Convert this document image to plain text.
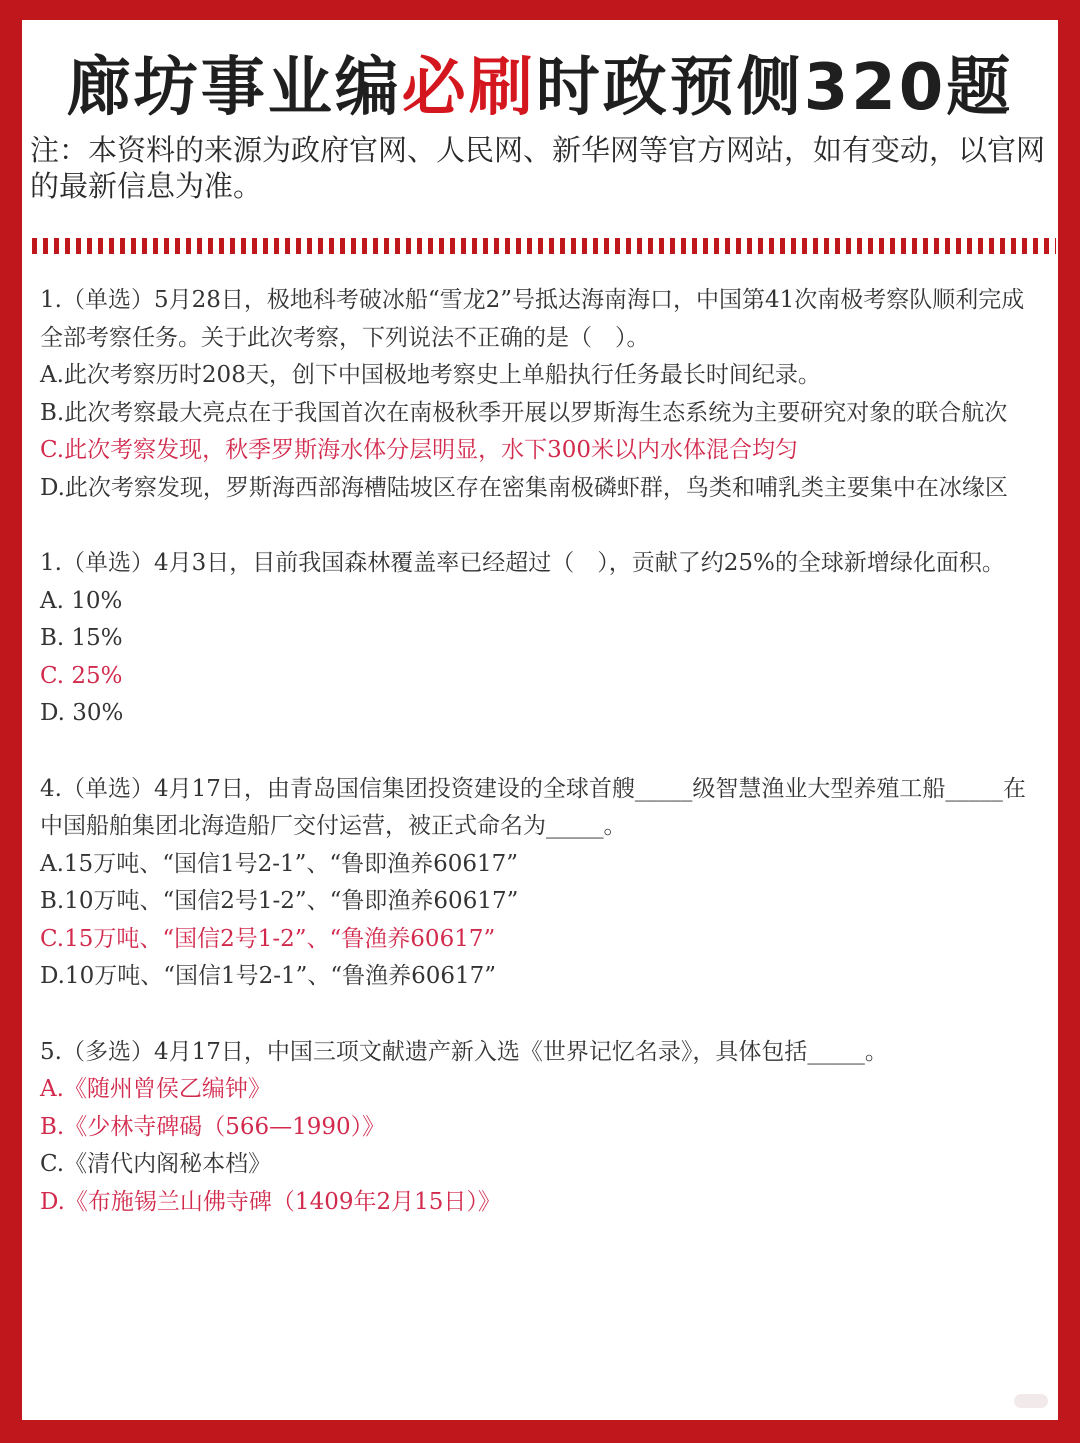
廊坊事业编必刷时政预侧320题
注：本资料的来源为政府官网、人民网、新华网等官方网站，如有变动，以官网的最新信息为准。

1.（单选）5月28日，极地科考破冰船“雪龙2”号抵达海南海口，中国第41次南极考察队顺利完成全部考察任务。关于此次考察，下列说法不正确的是（　）。

A.此次考察历时208天，创下中国极地考察史上单船执行任务最长时间纪录。

B.此次考察最大亮点在于我国首次在南极秋季开展以罗斯海生态系统为主要研究对象的联合航次

C.此次考察发现，秋季罗斯海水体分层明显，水下300米以内水体混合均匀

D.此次考察发现，罗斯海西部海槽陆坡区存在密集南极磷虾群，鸟类和哺乳类主要集中在冰缘区

1.（单选）4月3日，目前我国森林覆盖率已经超过（　），贡献了约25%的全球新增绿化面积。

A. 10%

B. 15%

C. 25%

D. 30%

4.（单选）4月17日，由青岛国信集团投资建设的全球首艘_____级智慧渔业大型养殖工船_____在中国船舶集团北海造船厂交付运营，被正式命名为_____。

A.15万吨、“国信1号2-1”、“鲁即渔养60617”

B.10万吨、“国信2号1-2”、“鲁即渔养60617”

C.15万吨、“国信2号1-2”、“鲁渔养60617”

D.10万吨、“国信1号2-1”、“鲁渔养60617”

5.（多选）4月17日，中国三项文献遗产新入选《世界记忆名录》，具体包括_____。

A.《随州曾侯乙编钟》

B.《少林寺碑碣（566—1990）》

C.《清代内阁秘本档》

D.《布施锡兰山佛寺碑（1409年2月15日）》
